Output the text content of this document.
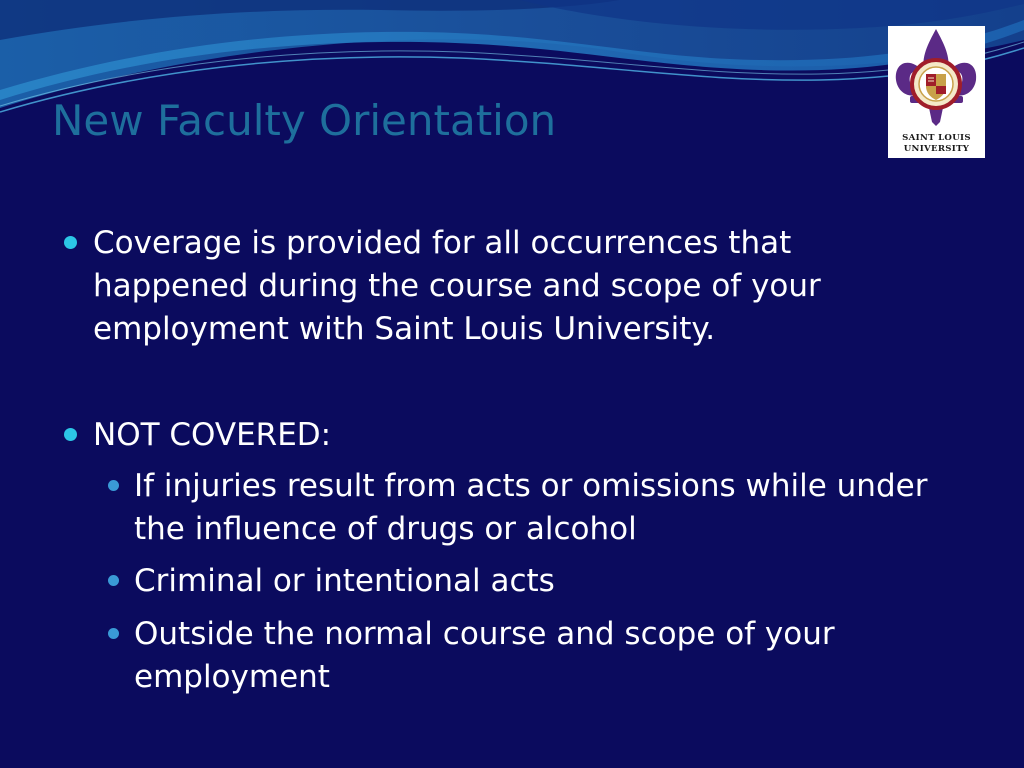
New Faculty Orientation	SAINT LOUIS
UNIVERSITY
Coverage is provided for all occurrences that
happened during the course and scope of your
employment with Saint Louis University.
NOT COVERED:
If injuries result from acts or omissions while under
the influence of drugs or alcohol
Criminal or intentional acts
Outside the normal course and scope of your
employment
